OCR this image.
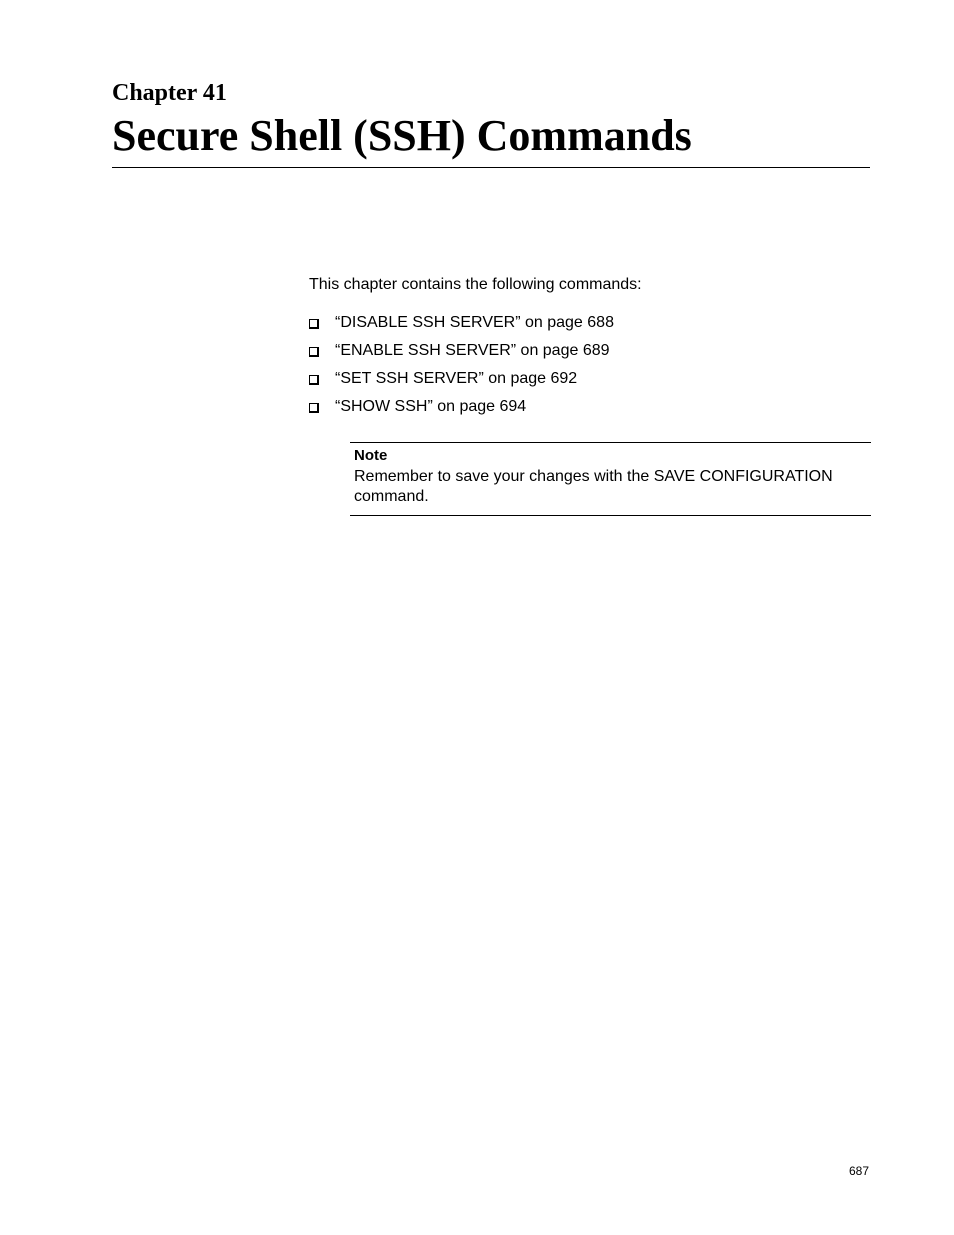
Chapter 41
Secure Shell (SSH) Commands
This chapter contains the following commands:
“DISABLE SSH SERVER” on page 688
“ENABLE SSH SERVER” on page 689
“SET SSH SERVER” on page 692
“SHOW SSH” on page 694
Note
Remember to save your changes with the SAVE CONFIGURATION command.
687
